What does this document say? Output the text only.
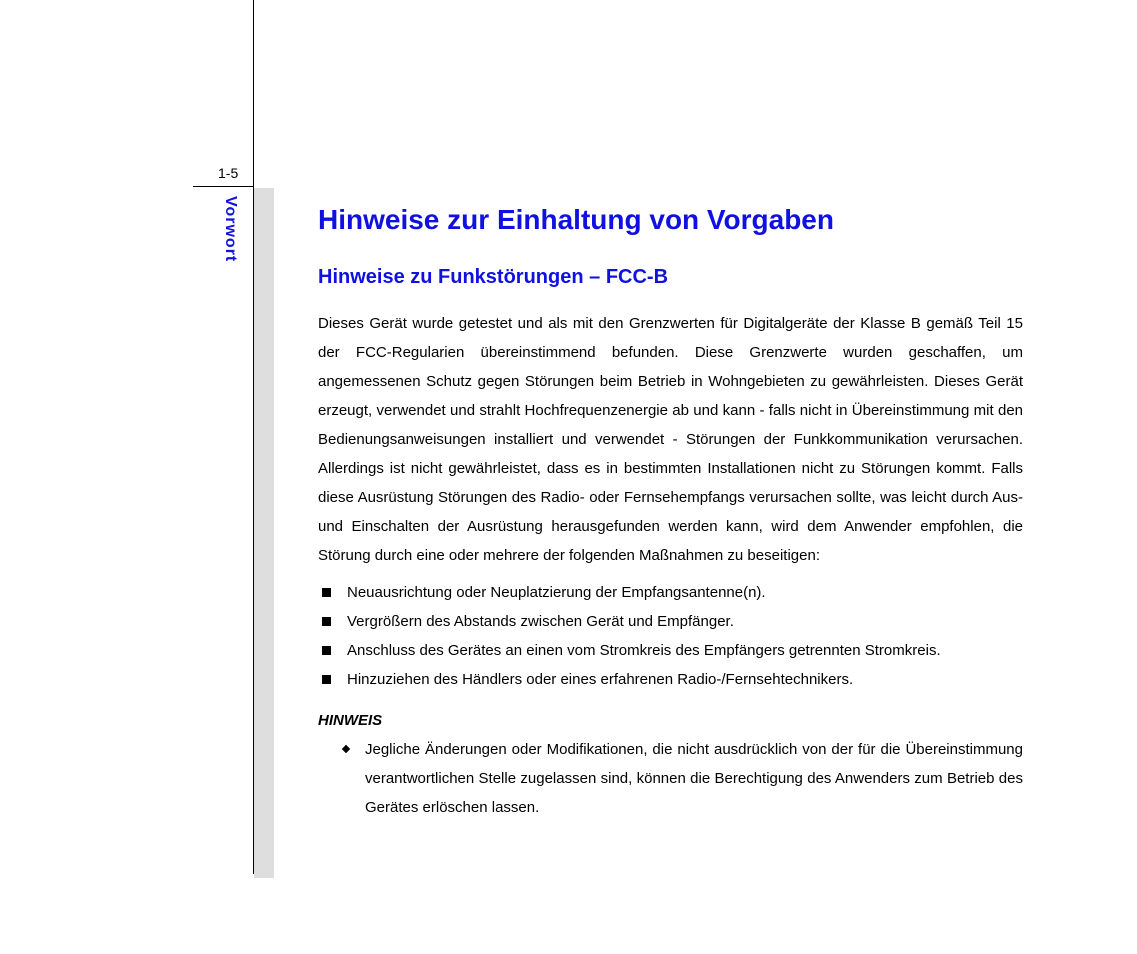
1-5
Vorwort	Hinweise zur Einhaltung von Vorgaben
Hinweise zu Funkstörungen – FCC-B

Dieses Gerät wurde getestet und als mit den Grenzwerten für Digitalgeräte der Klasse B gemäß Teil 15 der FCC-Regularien übereinstimmend befunden. Diese Grenzwerte wurden geschaffen, um angemessenen Schutz gegen Störungen beim Betrieb in Wohngebieten zu gewährleisten. Dieses Gerät erzeugt, verwendet und strahlt Hochfrequenzenergie ab und kann - falls nicht in Übereinstimmung mit den Bedienungsanweisungen installiert und verwendet - Störungen der Funkkommunikation verursachen. Allerdings ist nicht gewährleistet, dass es in bestimmten Installationen nicht zu Störungen kommt. Falls diese Ausrüstung Störungen des Radio- oder Fernsehempfangs verursachen sollte, was leicht durch Aus- und Einschalten der Ausrüstung herausgefunden werden kann, wird dem Anwender empfohlen, die Störung durch eine oder mehrere der folgenden Maßnahmen zu beseitigen:

Neuausrichtung oder Neuplatzierung der Empfangsantenne(n).
Vergrößern des Abstands zwischen Gerät und Empfänger.
Anschluss des Gerätes an einen vom Stromkreis des Empfängers getrennten Stromkreis.
Hinzuziehen des Händlers oder eines erfahrenen Radio-/Fernsehtechnikers.
HINWEIS
Jegliche Änderungen oder Modifikationen, die nicht ausdrücklich von der für die Übereinstimmung verantwortlichen Stelle zugelassen sind, können die Berechtigung des Anwenders zum Betrieb des Gerätes erlöschen lassen.
